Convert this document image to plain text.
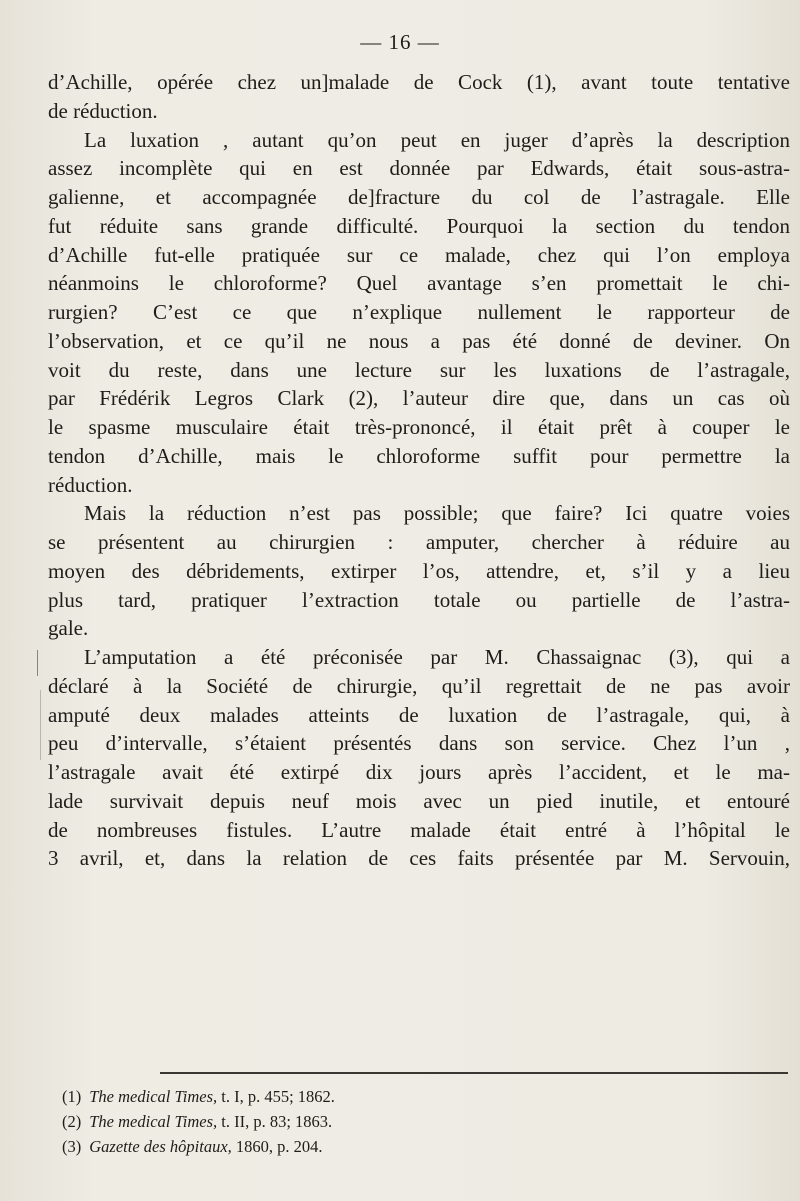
— 16 —
d’Achille, opérée chez un]malade de Cock (1), avant toute tentative
de réduction.
La luxation , autant qu’on peut en juger d’après la description
assez incomplète qui en est donnée par Edwards, était sous-astra-
galienne, et accompagnée de]fracture du col de l’astragale. Elle
fut réduite sans grande difficulté. Pourquoi la section du tendon
d’Achille fut-elle pratiquée sur ce malade, chez qui l’on employa
néanmoins le chloroforme? Quel avantage s’en promettait le chi-
rurgien? C’est ce que n’explique nullement le rapporteur de
l’observation, et ce qu’il ne nous a pas été donné de deviner. On
voit du reste, dans une lecture sur les luxations de l’astragale,
par Frédérik Legros Clark (2), l’auteur dire que, dans un cas où
le spasme musculaire était très-prononcé, il était prêt à couper le
tendon d’Achille, mais le chloroforme suffit pour permettre la
réduction.
Mais la réduction n’est pas possible; que faire? Ici quatre voies
se présentent au chirurgien : amputer, chercher à réduire au
moyen des débridements, extirper l’os, attendre, et, s’il y a lieu
plus tard, pratiquer l’extraction totale ou partielle de l’astra-
gale.
L’amputation a été préconisée par M. Chassaignac (3), qui a
déclaré à la Société de chirurgie, qu’il regrettait de ne pas avoir
amputé deux malades atteints de luxation de l’astragale, qui, à
peu d’intervalle, s’étaient présentés dans son service. Chez l’un ,
l’astragale avait été extirpé dix jours après l’accident, et le ma-
lade survivait depuis neuf mois avec un pied inutile, et entouré
de nombreuses fistules. L’autre malade était entré à l’hôpital le
3 avril, et, dans la relation de ces faits présentée par M. Servouin,
(1) The medical Times, t. I, p. 455; 1862.
(2) The medical Times, t. II, p. 83; 1863.
(3) Gazette des hôpitaux, 1860, p. 204.
